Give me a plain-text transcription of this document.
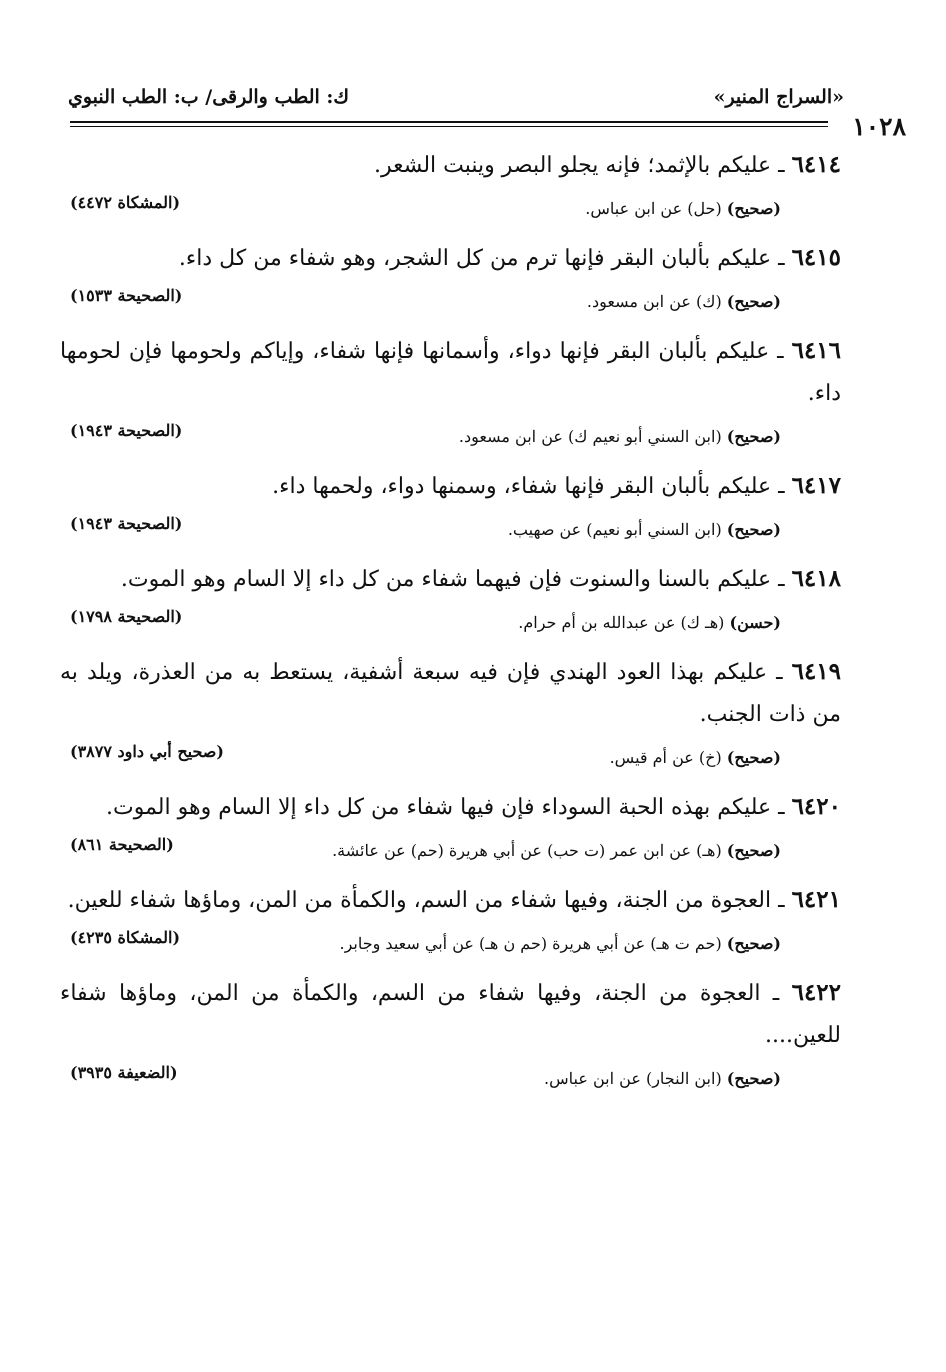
«السراج المنير»
ك: الطب والرقى/ ب: الطب النبوي
١٠٢٨
٦٤١٤ ـ عليكم بالإثمد؛ فإنه يجلو البصر وينبت الشعر.
(صحيح) (حل) عن ابن عباس.
(المشكاة ٤٤٧٢)
٦٤١٥ ـ عليكم بألبان البقر فإنها ترم من كل الشجر، وهو شفاء من كل داء.
(صحيح) (ك) عن ابن مسعود.
(الصحيحة ١٥٣٣)
٦٤١٦ ـ عليكم بألبان البقر فإنها دواء، وأسمانها فإنها شفاء، وإياكم ولحومها فإن لحومها داء.
(صحيح) (ابن السني أبو نعيم ك) عن ابن مسعود.
(الصحيحة ١٩٤٣)
٦٤١٧ ـ عليكم بألبان البقر فإنها شفاء، وسمنها دواء، ولحمها داء.
(صحيح) (ابن السني أبو نعيم) عن صهيب.
(الصحيحة ١٩٤٣)
٦٤١٨ ـ عليكم بالسنا والسنوت فإن فيهما شفاء من كل داء إلا السام وهو الموت.
(حسن) (هـ ك) عن عبدالله بن أم حرام.
(الصحيحة ١٧٩٨)
٦٤١٩ ـ عليكم بهذا العود الهندي فإن فيه سبعة أشفية، يستعط به من العذرة، ويلد به من ذات الجنب.
(صحيح) (خ) عن أم قيس.
(صحيح أبي داود ٣٨٧٧)
٦٤٢٠ ـ عليكم بهذه الحبة السوداء فإن فيها شفاء من كل داء إلا السام وهو الموت.
(صحيح) (هـ) عن ابن عمر (ت حب) عن أبي هريرة (حم) عن عائشة.
(الصحيحة ٨٦١)
٦٤٢١ ـ العجوة من الجنة، وفيها شفاء من السم، والكمأة من المن، وماؤها شفاء للعين.
(صحيح) (حم ت هـ) عن أبي هريرة (حم ن هـ) عن أبي سعيد وجابر.
(المشكاة ٤٢٣٥)
٦٤٢٢ ـ العجوة من الجنة، وفيها شفاء من السم، والكمأة من المن، وماؤها شفاء للعين....
(صحيح) (ابن النجار) عن ابن عباس.
(الضعيفة ٣٩٣٥)
